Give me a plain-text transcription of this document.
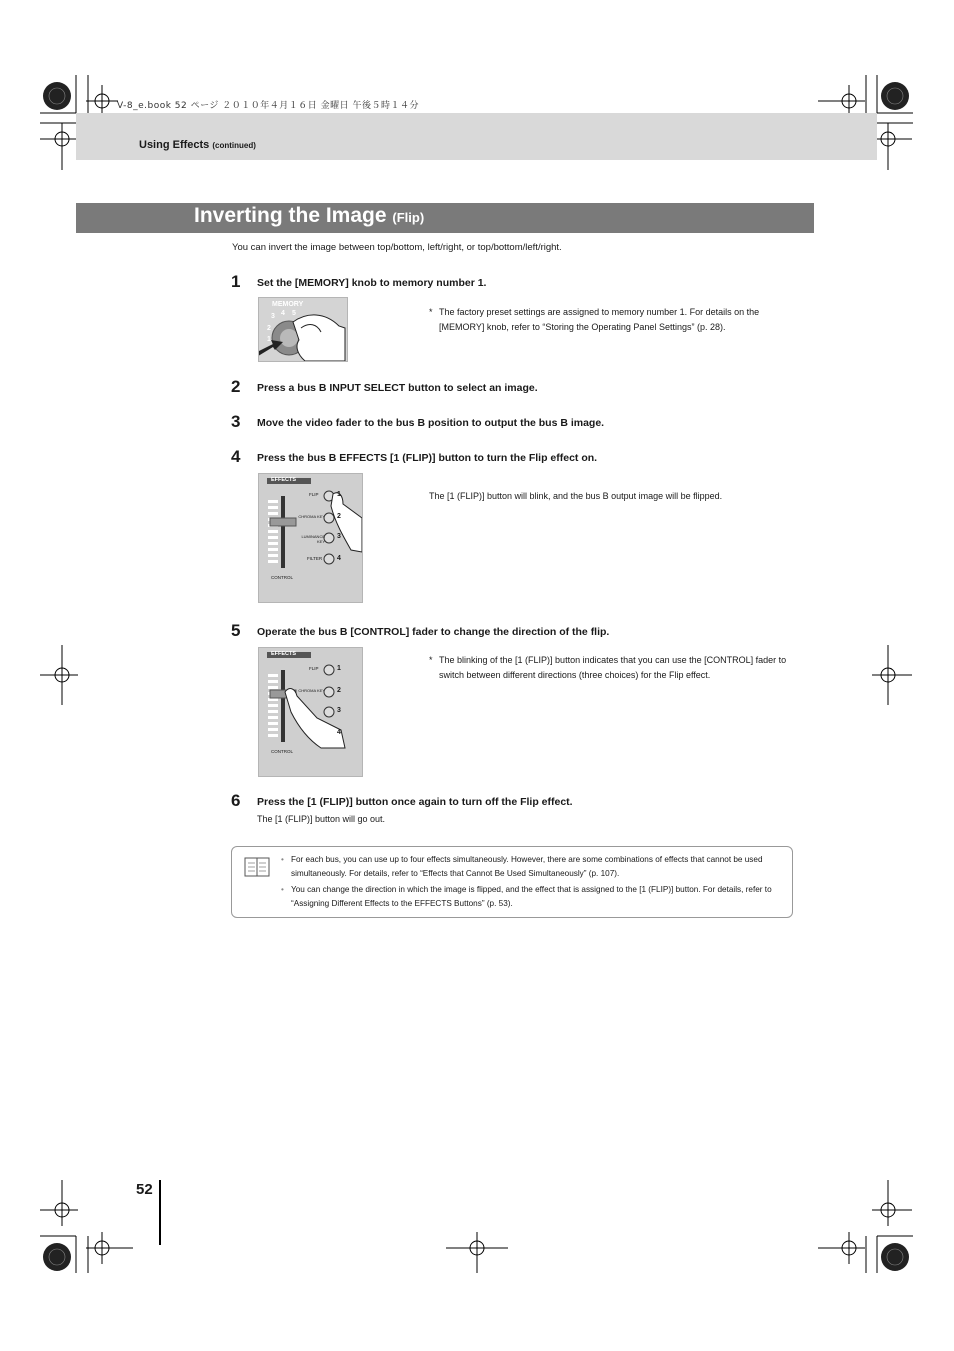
V-8_e.book 52 ページ ２０１０年４月１６日 金曜日 午後５時１４分
Using Effects (continued)
Inverting the Image (Flip)
You can invert the image between top/bottom, left/right, or top/bottom/left/right.
1 Set the [MEMORY] knob to memory number 1.
MEMORY
3 4 5
2
1
* The factory preset settings are assigned to memory number 1. For details on the [MEMORY] knob, refer to “Storing the Operating Panel Settings” (p. 28).
2 Press a bus B INPUT SELECT button to select an image.
3 Move the video fader to the bus B position to output the bus B image.
4 Press the bus B EFFECTS [1 (FLIP)] button to turn the Flip effect on.
EFFECTS
FLIP	1
CHROMA KEY 2
LUMINANCE KEY
3
FILTER 4
CONTROL
The [1 (FLIP)] button will blink, and the bus B output image will be flipped.
5 Operate the bus B [CONTROL] fader to change the direction of the flip.
EFFECTS
FLIP	1
CHROMA KEY 2
3
4
CONTROL
* The blinking of the [1 (FLIP)] button indicates that you can use the [CONTROL] fader to switch between different directions (three choices) for the Flip effect.
6 Press the [1 (FLIP)] button once again to turn off the Flip effect.
The [1 (FLIP)] button will go out.
• For each bus, you can use up to four effects simultaneously. However, there are some combinations of effects that cannot be used simultaneously. For details, refer to “Effects that Cannot Be Used Simultaneously” (p. 107).
• You can change the direction in which the image is flipped, and the effect that is assigned to the [1 (FLIP)] button. For details, refer to “Assigning Different Effects to the EFFECTS Buttons” (p. 53).
52
